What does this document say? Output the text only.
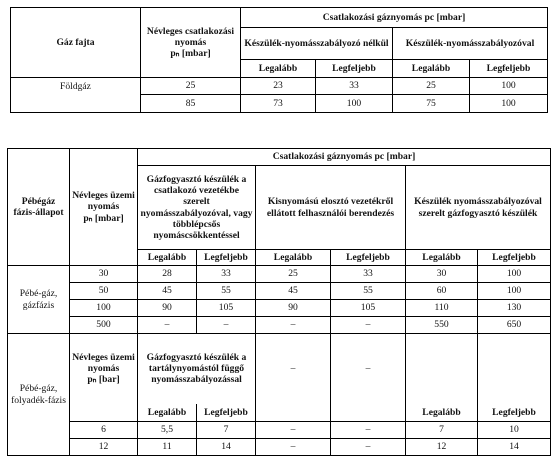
Gáz fajta	Névleges csatlakozási nyomás
pₙ [mbar]	Csatlakozási gáznyomás pc [mbar]			
		Készülék-nyomásszabályozó nélkül		Készülék-nyomásszabályozóval	
		Legalább	Legfeljebb	Legalább	Legfeljebb
Földgáz	25	23	33	25	100
	85	73	100	75	100
Pébégáz fázis-állapot	Névleges üzemi nyomás
pₙ [mbar]	Csatlakozási gáznyomás pc [mbar]					
		Gázfogyasztó készülék a csatlakozó vezetékbe szerelt nyomásszabályozóval, vagy többlépcsős nyomáscsökkentéssel		Kisnyomású elosztó vezetékről ellátott felhasználói berendezés		Készülék nyomásszabályozóval szerelt gázfogyasztó készülék	
		Legalább	Legfeljebb	Legalább	Legfeljebb	Legalább	Legfeljebb
Pébé-gáz, gázfázis	30	28	33	25	33	30	100
	50	45	55	45	55	60	100
	100	90	105	90	105	110	130
	500	–	–	–	–	550	650
Pébé-gáz, folyadék-fázis	Névleges üzemi nyomás
pₙ [bar]	Gázfogyasztó készülék a tartálynyomástól függő nyomásszabályozással		–	–		
		Legalább	Legfeljebb			Legalább	Legfeljebb
	6	5,5	7	–	–	7	10
	12	11	14	–	–	12	14
